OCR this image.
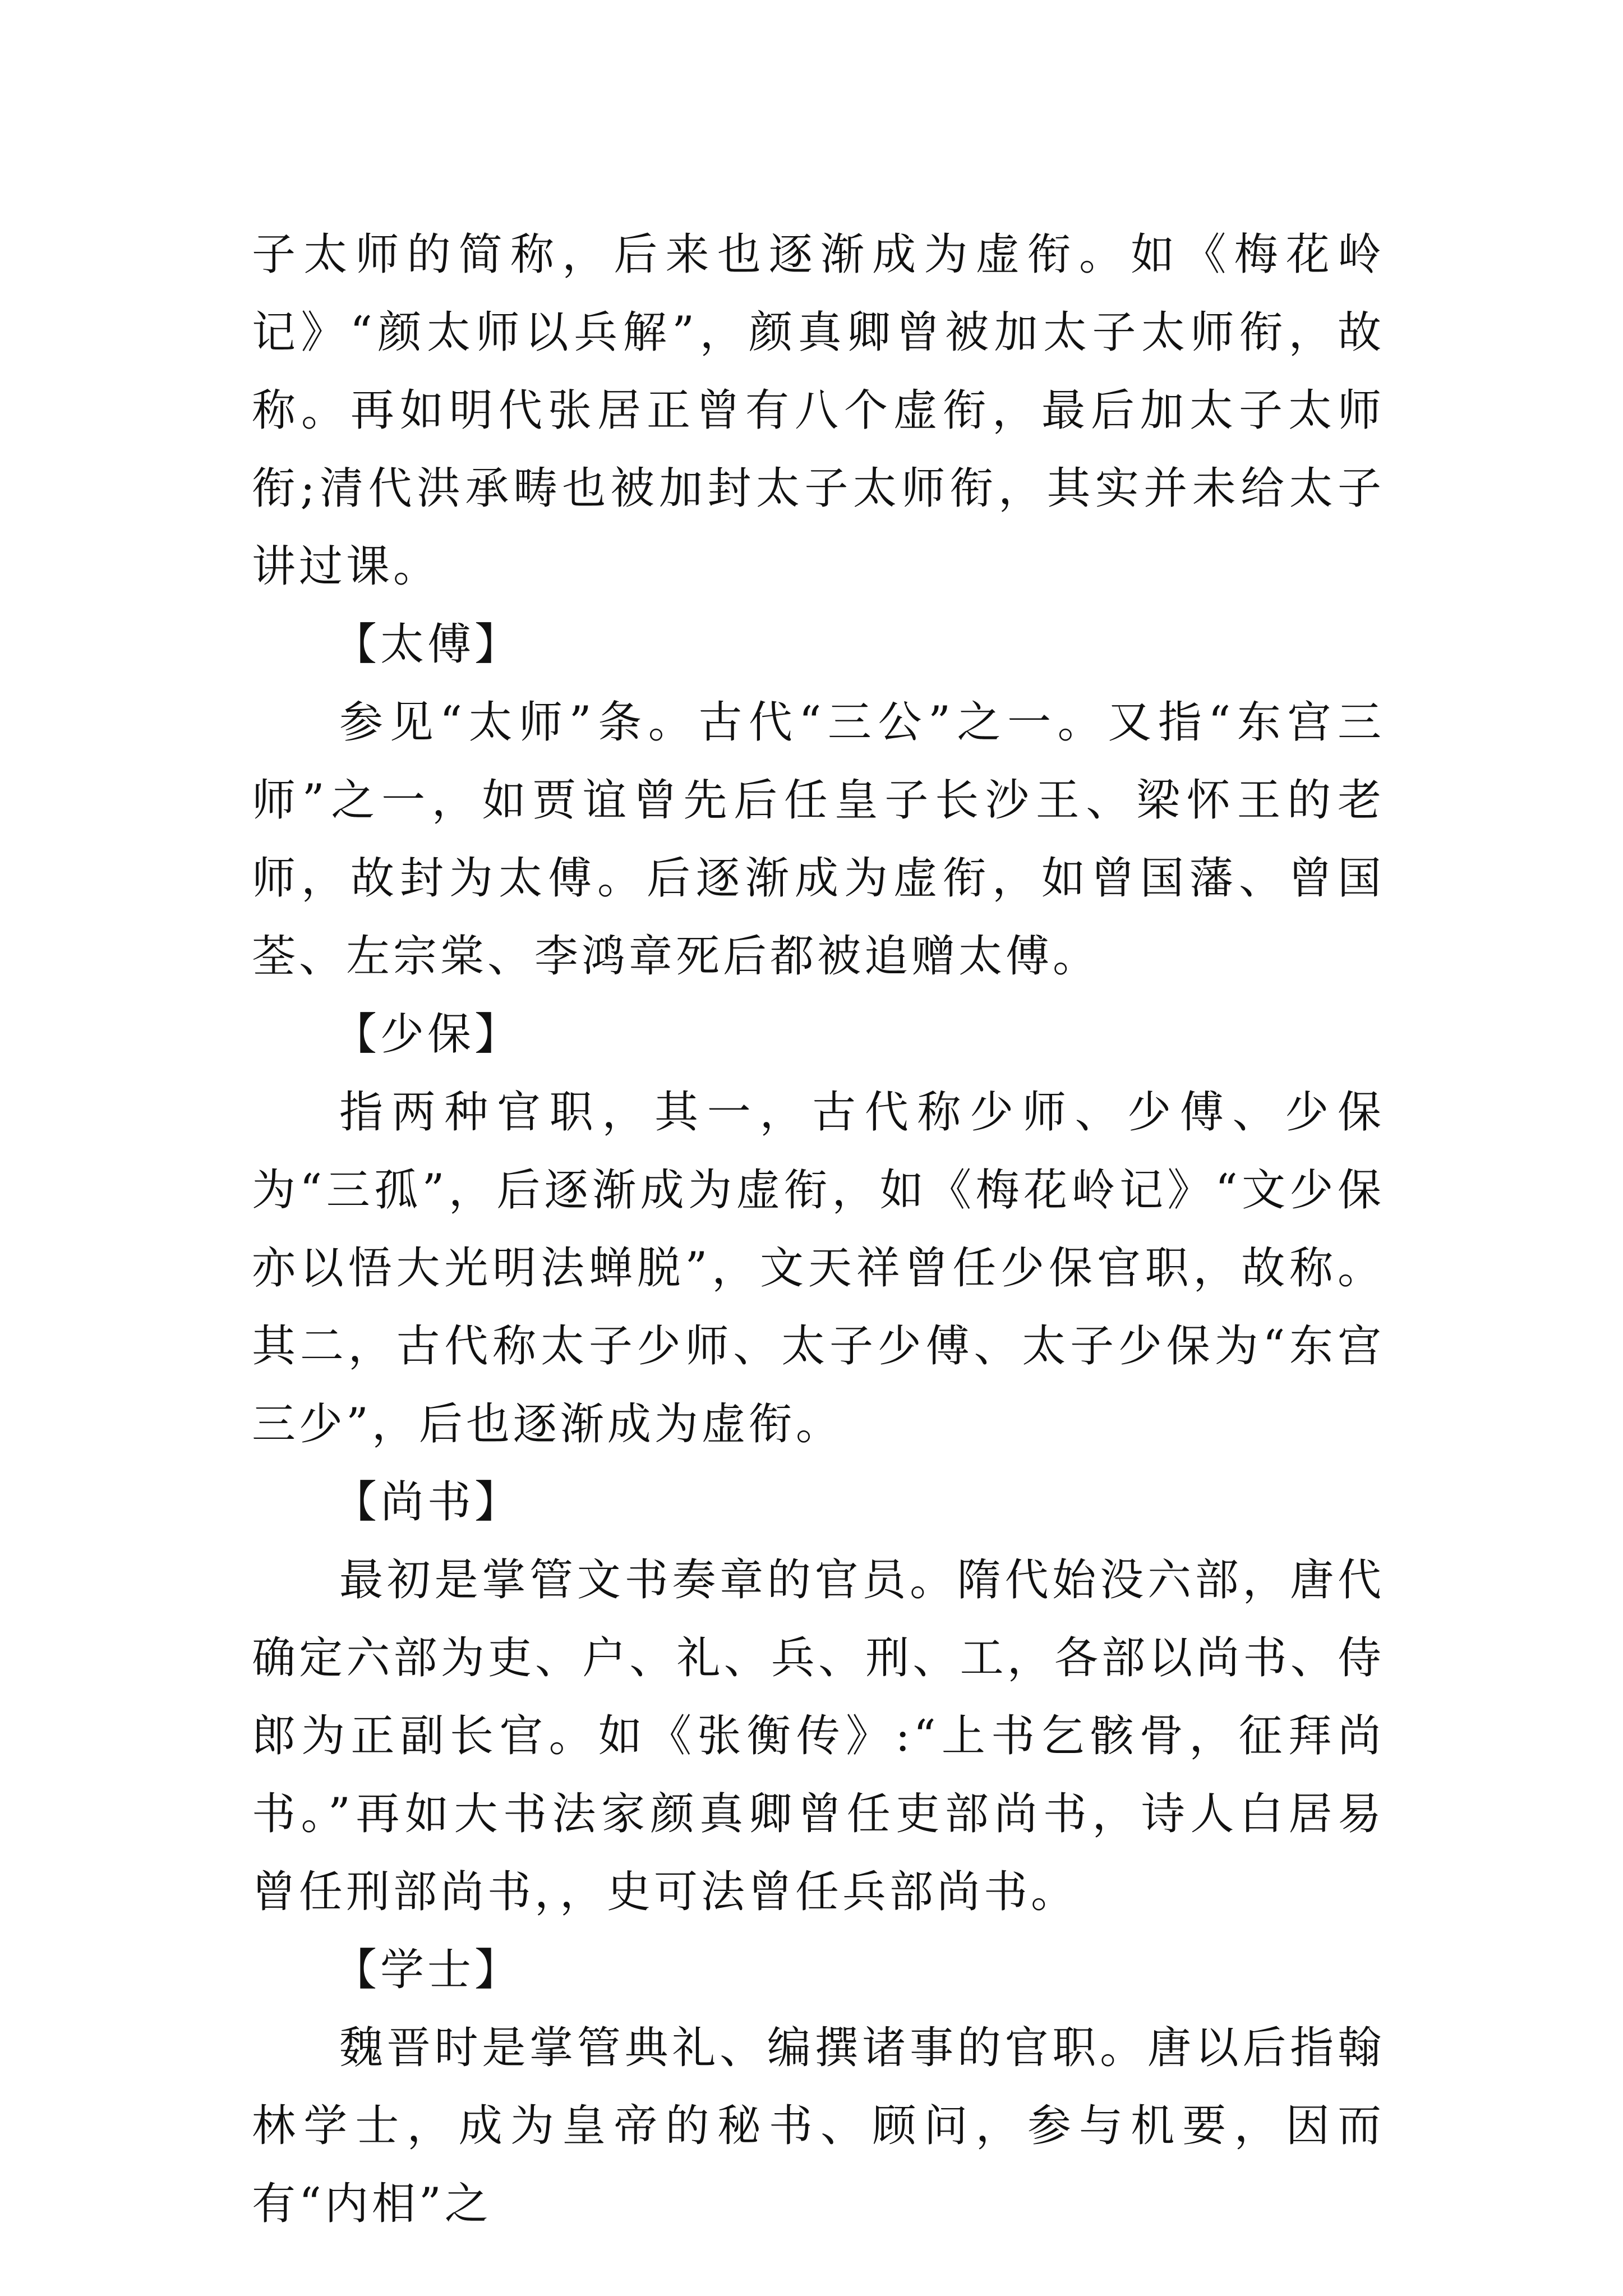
子太师的简称，后来也逐渐成为虚衔。如《梅花岭记》“颜太师以兵解”，颜真卿曾被加太子太师衔，故称。再如明代张居正曾有八个虚衔，最后加太子太师衔;清代洪承畴也被加封太子太师衔，其实并未给太子讲过课。

【太傅】

参见“太师”条。古代“三公”之一。又指“东宫三师”之一，如贾谊曾先后任皇子长沙王、梁怀王的老师，故封为太傅。后逐渐成为虚衔，如曾国藩、曾国荃、左宗棠、李鸿章死后都被追赠太傅。

【少保】

指两种官职，其一，古代称少师、少傅、少保为“三孤”，后逐渐成为虚衔，如《梅花岭记》“文少保亦以悟大光明法蝉脱”，文天祥曾任少保官职，故称。其二，古代称太子少师、太子少傅、太子少保为“东宫三少”，后也逐渐成为虚衔。

【尚书】

最初是掌管文书奏章的官员。隋代始没六部，唐代确定六部为吏、户、礼、兵、刑、工，各部以尚书、侍郎为正副长官。如《张衡传》:“上书乞骸骨，征拜尚书。”再如大书法家颜真卿曾任吏部尚书，诗人白居易曾任刑部尚书，，史可法曾任兵部尚书。

【学士】

魏晋时是掌管典礼、编撰诸事的官职。唐以后指翰林学士，成为皇帝的秘书、顾问，参与机要，因而有“内相”之
